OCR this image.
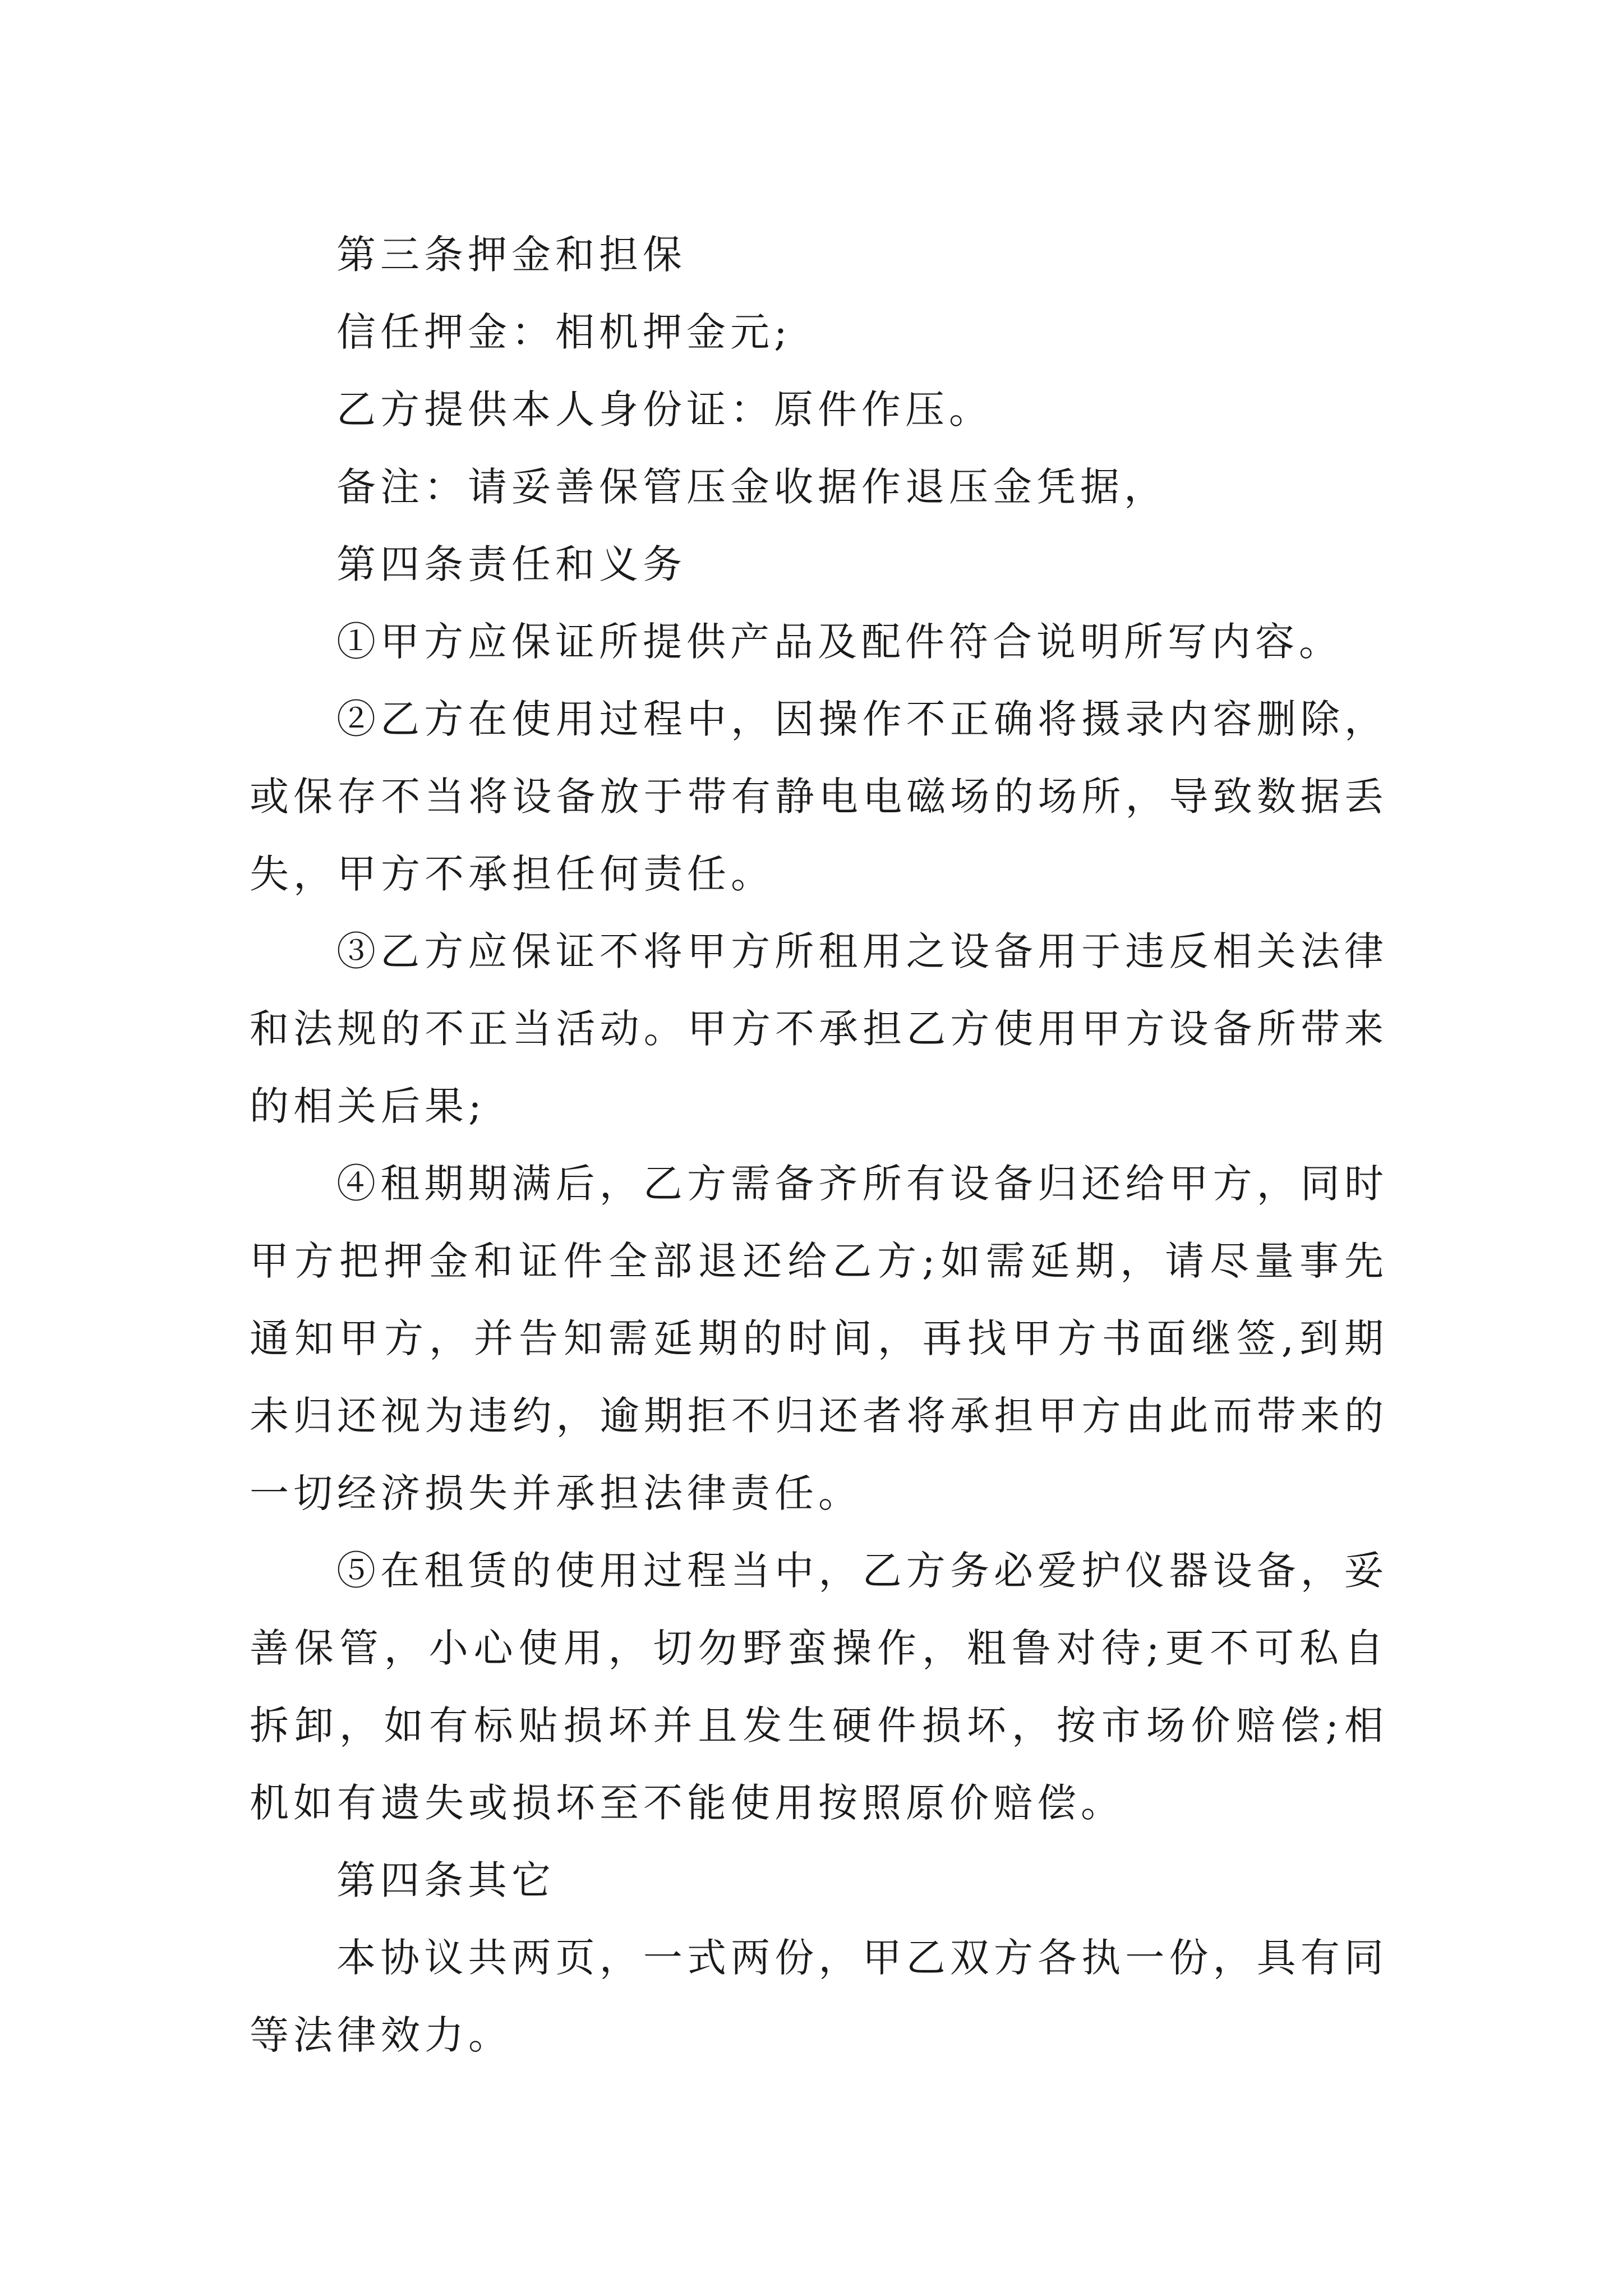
第三条押金和担保

信任押金：相机押金元;

乙方提供本人身份证：原件作压。

备注：请妥善保管压金收据作退压金凭据，

第四条责任和义务

①甲方应保证所提供产品及配件符合说明所写内容。

②乙方在使用过程中，因操作不正确将摄录内容删除，或保存不当将设备放于带有静电电磁场的场所，导致数据丢失，甲方不承担任何责任。

③乙方应保证不将甲方所租用之设备用于违反相关法律和法规的不正当活动。甲方不承担乙方使用甲方设备所带来的相关后果;

④租期期满后，乙方需备齐所有设备归还给甲方，同时甲方把押金和证件全部退还给乙方;如需延期，请尽量事先通知甲方，并告知需延期的时间，再找甲方书面继签,到期未归还视为违约，逾期拒不归还者将承担甲方由此而带来的一切经济损失并承担法律责任。

⑤在租赁的使用过程当中，乙方务必爱护仪器设备，妥善保管，小心使用，切勿野蛮操作，粗鲁对待;更不可私自拆卸，如有标贴损坏并且发生硬件损坏，按市场价赔偿;相机如有遗失或损坏至不能使用按照原价赔偿。

第四条其它

本协议共两页，一式两份，甲乙双方各执一份，具有同等法律效力。
